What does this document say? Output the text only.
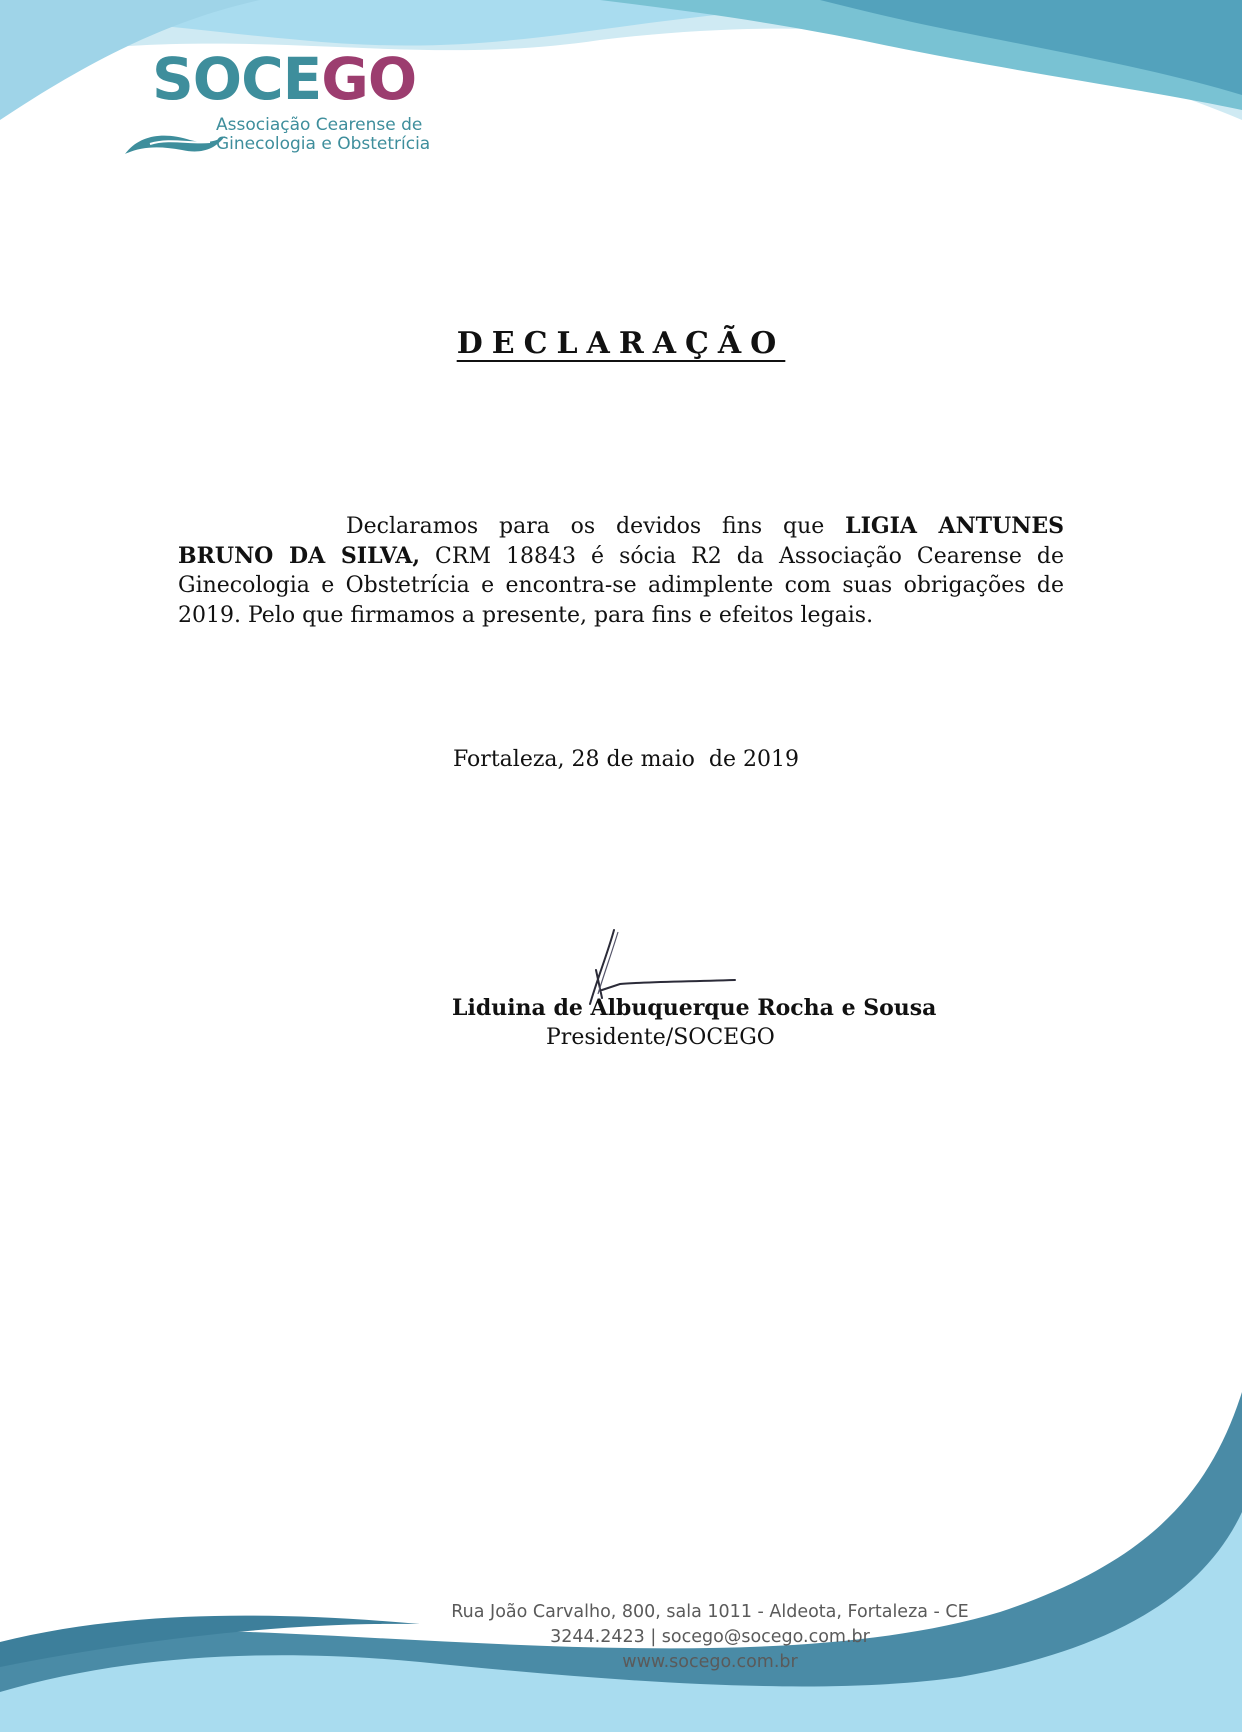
SOCEGO
Associação Cearense de
Ginecologia e Obstetrícia
DECLARAÇÃO
Declaramos para os devidos fins que LIGIA ANTUNES BRUNO DA SILVA, CRM 18843 é sócia R2 da Associação Cearense de Ginecologia e Obstetrícia e encontra-se adimplente com suas obrigações de 2019. Pelo que firmamos a presente, para fins e efeitos legais.
Fortaleza, 28 de maio  de 2019
Liduina de Albuquerque Rocha e Sousa
Presidente/SOCEGO
Rua João Carvalho, 800, sala 1011 - Aldeota, Fortaleza - CE
3244.2423 | socego@socego.com.br
www.socego.com.br
